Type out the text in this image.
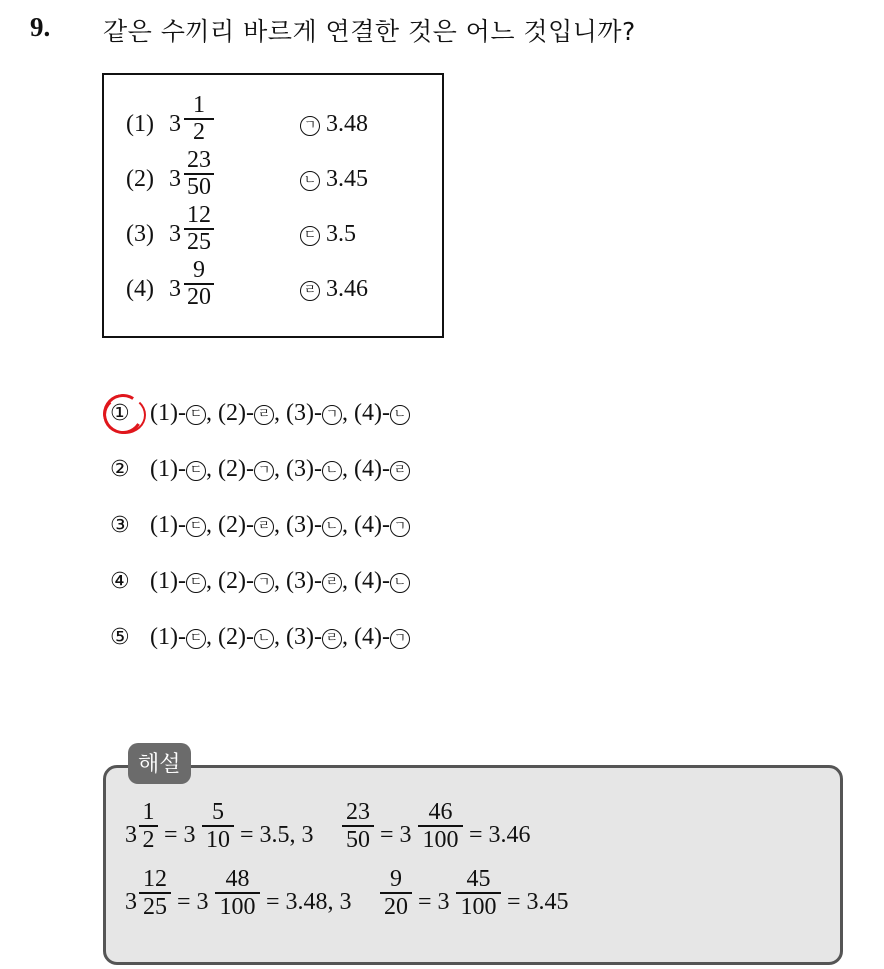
9. 같은 수끼리 바르게 연결한 것은 어느 것입니까?
(1) 3
1
2	ㄱ 3.48
(2) 3
23
50	ㄴ 3.45
(3) 3
12
25	ㄷ 3.5
(4) 3
9
20	ㄹ 3.46
① (1)- ㄷ , (2)- ㄹ , (3)- ㄱ , (4)- ㄴ
② (1)- ㄷ , (2)- ㄱ , (3)- ㄴ , (4)- ㄹ
③ (1)- ㄷ , (2)- ㄹ , (3)- ㄴ , (4)- ㄱ
④ (1)- ㄷ , (2)- ㄱ , (3)- ㄹ , (4)- ㄴ
⑤ (1)- ㄷ , (2)- ㄴ , (3)- ㄹ , (4)- ㄱ
해설
3
1
2 = 3
5
10 = 3.5, 3
23
50 = 3
46
100 = 3.46
3
12
25 = 3
48
100 = 3.48, 3
9
20 = 3
45
100 = 3.45
